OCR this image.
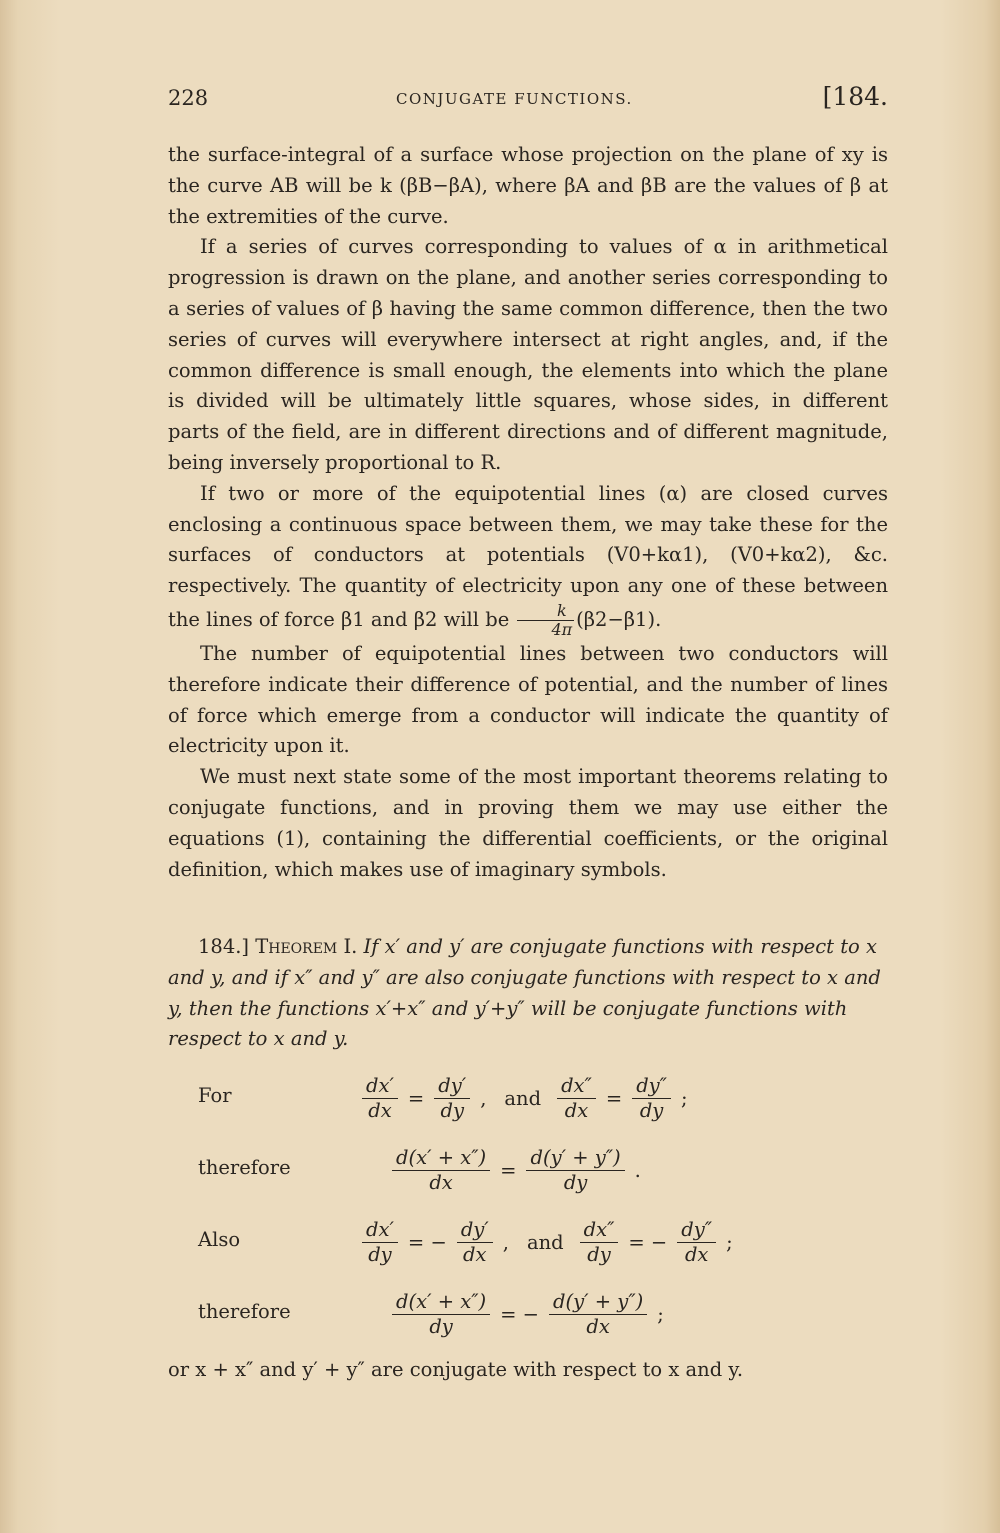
228	CONJUGATE FUNCTIONS.	[184.

the surface-integral of a surface whose projection on the plane of xy is the curve AB will be k (βB−βA), where βA and βB are the values of β at the extremities of the curve.

If a series of curves corresponding to values of α in arithmetical progression is drawn on the plane, and another series corresponding to a series of values of β having the same common difference, then the two series of curves will everywhere intersect at right angles, and, if the common difference is small enough, the elements into which the plane is divided will be ultimately little squares, whose sides, in different parts of the field, are in different directions and of different magnitude, being inversely proportional to R.

If two or more of the equipotential lines (α) are closed curves enclosing a continuous space between them, we may take these for the surfaces of conductors at potentials (V0+kα1), (V0+kα2), &c. respectively. The quantity of electricity upon any one of these between the lines of force β1 and β2 will be $\frac{k}{4\pi} (\beta 2-\beta 1)$.

The number of equipotential lines between two conductors will therefore indicate their difference of potential, and the number of lines of force which emerge from a conductor will indicate the quantity of electricity upon it.

We must next state some of the most important theorems relating to conjugate functions, and in proving them we may use either the equations (1), containing the differential coefficients, or the original definition, which makes use of imaginary symbols.

184.] Theorem I. If x′ and y′ are conjugate functions with respect to x and y, and if x″ and y″ are also conjugate functions with respect to x and y, then the functions x′+x″ and y′+y″ will be conjugate functions with respect to x and y.
For	$\frac{dx'}{dx} = \frac{dy'}{dy}$ , and $\frac{dx''}{dx} = \frac{dy''}{dy}$ ;
therefore	$\frac{d(x' + x'')}{dx} = \frac{d(y' + y'')}{dy}$ .
Also	$\frac{dx'}{dy}$ = − $\frac{dy'}{dx}$ , and $\frac{dx''}{dy}$ = − $\frac{dy''}{dx}$ ;
therefore	$\frac{d(x' + x'')}{dy}$ = − $\frac{d(y' + y'')}{dx}$ ;
or x + x″ and y′ + y″ are conjugate with respect to x and y.
